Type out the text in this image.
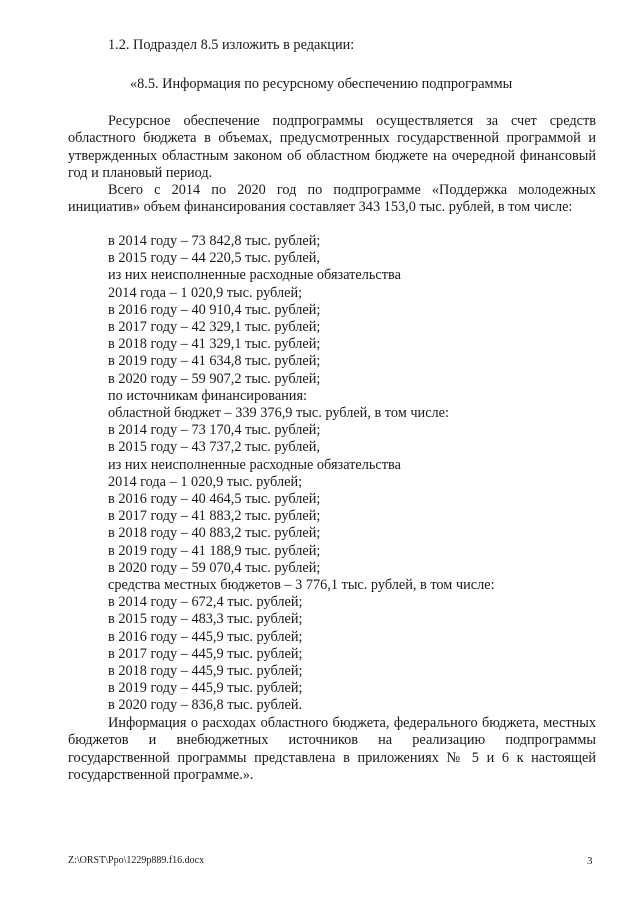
1.2. Подраздел 8.5 изложить в редакции:
«8.5. Информация по ресурсному обеспечению подпрограммы
Ресурсное обеспечение подпрограммы осуществляется за счет средств областного бюджета в объемах, предусмотренных государственной программой и утвержденных областным законом об областном бюджете на очередной финансовый год и плановый период.
Всего с 2014 по 2020 год по подпрограмме «Поддержка молодежных инициатив» объем финансирования составляет 343 153,0 тыс. рублей, в том числе:
в 2014 году – 73 842,8 тыс. рублей;
в 2015 году – 44 220,5 тыс. рублей,
из них неисполненные расходные обязательства
2014 года – 1 020,9 тыс. рублей;
в 2016 году – 40 910,4 тыс. рублей;
в 2017 году – 42 329,1 тыс. рублей;
в 2018 году – 41 329,1 тыс. рублей;
в 2019 году – 41 634,8 тыс. рублей;
в 2020 году – 59 907,2 тыс. рублей;
по источникам финансирования:
областной бюджет – 339 376,9 тыс. рублей, в том числе:
в 2014 году – 73 170,4 тыс. рублей;
в 2015 году – 43 737,2 тыс. рублей,
из них неисполненные расходные обязательства
2014 года – 1 020,9 тыс. рублей;
в 2016 году – 40 464,5 тыс. рублей;
в 2017 году – 41 883,2 тыс. рублей;
в 2018 году – 40 883,2 тыс. рублей;
в 2019 году – 41 188,9 тыс. рублей;
в 2020 году – 59 070,4 тыс. рублей;
средства местных бюджетов – 3 776,1 тыс. рублей, в том числе:
в 2014 году – 672,4 тыс. рублей;
в 2015 году – 483,3 тыс. рублей;
в 2016 году – 445,9 тыс. рублей;
в 2017 году – 445,9 тыс. рублей;
в 2018 году – 445,9 тыс. рублей;
в 2019 году – 445,9 тыс. рублей;
в 2020 году – 836,8 тыс. рублей.
Информация о расходах областного бюджета, федерального бюджета, местных бюджетов и внебюджетных источников на реализацию подпрограммы государственной программы представлена в приложениях № 5 и 6 к настоящей государственной программе.».
Z:\ORST\Ppo\1229p889.f16.docx	3
